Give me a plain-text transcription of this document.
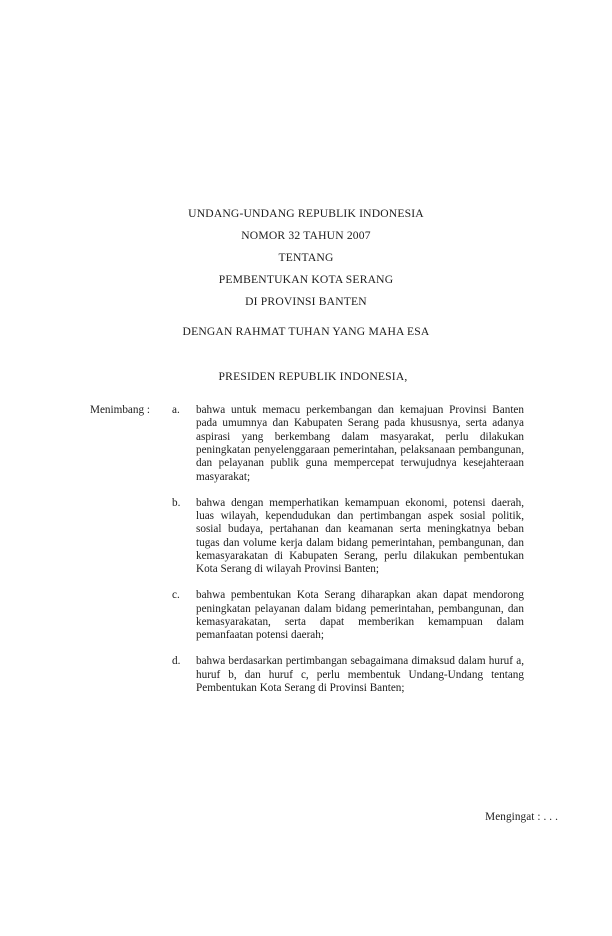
UNDANG-UNDANG REPUBLIK INDONESIA
NOMOR 32 TAHUN 2007
TENTANG
PEMBENTUKAN KOTA SERANG
DI PROVINSI BANTEN
DENGAN RAHMAT TUHAN YANG MAHA ESA
PRESIDEN REPUBLIK INDONESIA,
Menimbang :	a.	bahwa untuk memacu perkembangan dan kemajuan Provinsi Banten pada umumnya dan Kabupaten Serang pada khususnya, serta adanya aspirasi yang berkembang dalam masyarakat, perlu dilakukan peningkatan penyelenggaraan pemerintahan, pelaksanaan pembangunan, dan pelayanan publik guna mempercepat terwujudnya kesejahteraan masyarakat;

b.	bahwa dengan memperhatikan kemampuan ekonomi, potensi daerah, luas wilayah, kependudukan dan pertimbangan aspek sosial politik, sosial budaya, pertahanan dan keamanan serta meningkatnya beban tugas dan volume kerja dalam bidang pemerintahan, pembangunan, dan kemasyarakatan di Kabupaten Serang, perlu dilakukan pembentukan Kota Serang di wilayah Provinsi Banten;

c.	bahwa pembentukan Kota Serang diharapkan akan dapat mendorong peningkatan pelayanan dalam bidang pemerintahan, pembangunan, dan kemasyarakatan, serta dapat memberikan kemampuan dalam pemanfaatan potensi daerah;

d.	bahwa berdasarkan pertimbangan sebagaimana dimaksud dalam huruf a, huruf b, dan huruf c, perlu membentuk Undang-Undang tentang Pembentukan Kota Serang di Provinsi Banten;

Mengingat : . . .
